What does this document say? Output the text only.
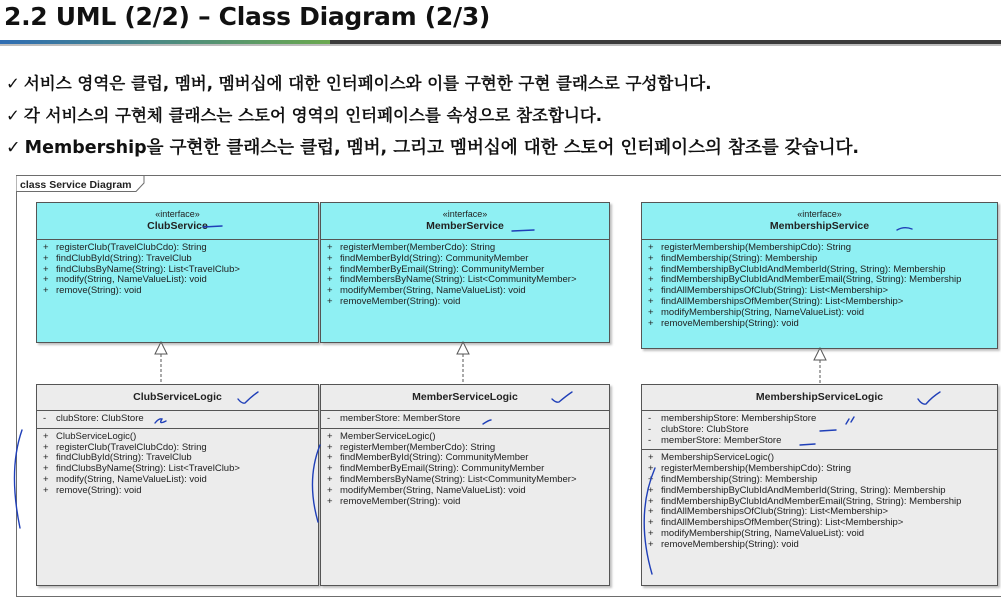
2.2 UML (2/2) – Class Diagram (2/3)
✓ 서비스 영역은 클럽, 멤버, 멤버십에 대한 인터페이스와 이를 구현한 구현 클래스로 구성합니다.
✓ 각 서비스의 구현체 클래스는 스토어 영역의 인터페이스를 속성으로 참조합니다.
✓ Membership을 구현한 클래스는 클럽, 멤버, 그리고 멤버십에 대한 스토어 인터페이스의 참조를 갖습니다.
class Service Diagram
«interface»
ClubService
+ registerClub(TravelClubCdo): String
+ findClubById(String): TravelClub
+ findClubsByName(String): List<TravelClub>
+ modify(String, NameValueList): void
+ remove(String): void
«interface»
MemberService
+ registerMember(MemberCdo): String
+ findMemberById(String): CommunityMember
+ findMemberByEmail(String): CommunityMember
+ findMembersByName(String): List<CommunityMember>
+ modifyMember(String, NameValueList): void
+ removeMember(String): void
«interface»
MembershipService
+ registerMembership(MembershipCdo): String
+ findMembership(String): Membership
+ findMembershipByClubIdAndMemberId(String, String): Membership
+ findMembershipByClubIdAndMemberEmail(String, String): Membership
+ findAllMembershipsOfClub(String): List<Membership>
+ findAllMembershipsOfMember(String): List<Membership>
+ modifyMembership(String, NameValueList): void
+ removeMembership(String): void
ClubServiceLogic
-	clubStore: ClubStore
+ ClubServiceLogic()
+ registerClub(TravelClubCdo): String
+ findClubById(String): TravelClub
+ findClubsByName(String): List<TravelClub>
+ modify(String, NameValueList): void
+ remove(String): void
MemberServiceLogic
-	memberStore: MemberStore
+ MemberServiceLogic()
+ registerMember(MemberCdo): String
+ findMemberById(String): CommunityMember
+ findMemberByEmail(String): CommunityMember
+ findMembersByName(String): List<CommunityMember>
+ modifyMember(String, NameValueList): void
+ removeMember(String): void
MembershipServiceLogic
-	membershipStore: MembershipStore
-	clubStore: ClubStore
-	memberStore: MemberStore
+ MembershipServiceLogic()
+ registerMembership(MembershipCdo): String
+ findMembership(String): Membership
+ findMembershipByClubIdAndMemberId(String, String): Membership
+ findMembershipByClubIdAndMemberEmail(String, String): Membership
+ findAllMembershipsOfClub(String): List<Membership>
+ findAllMembershipsOfMember(String): List<Membership>
+ modifyMembership(String, NameValueList): void
+ removeMembership(String): void
